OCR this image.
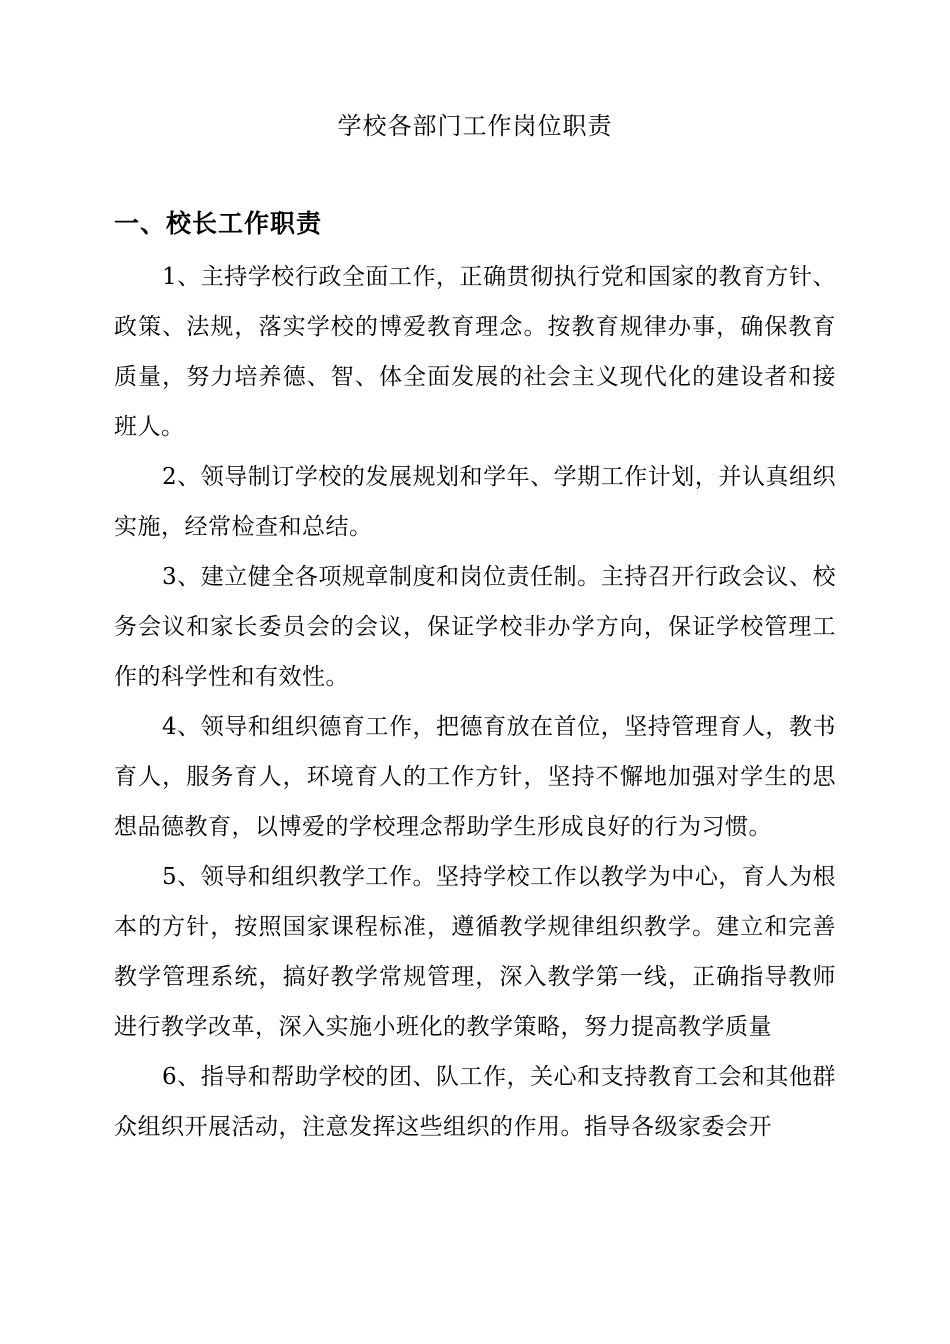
学校各部门工作岗位职责
一、校长工作职责

1、主持学校行政全面工作，正确贯彻执行党和国家的教育方针、政策、法规，落实学校的博爱教育理念。按教育规律办事，确保教育质量，努力培养德、智、体全面发展的社会主义现代化的建设者和接班人。

2、领导制订学校的发展规划和学年、学期工作计划，并认真组织实施，经常检查和总结。

3、建立健全各项规章制度和岗位责任制。主持召开行政会议、校务会议和家长委员会的会议，保证学校非办学方向，保证学校管理工作的科学性和有效性。

4、领导和组织德育工作，把德育放在首位，坚持管理育人，教书育人，服务育人，环境育人的工作方针，坚持不懈地加强对学生的思想品德教育，以博爱的学校理念帮助学生形成良好的行为习惯。

5、领导和组织教学工作。坚持学校工作以教学为中心，育人为根本的方针，按照国家课程标准，遵循教学规律组织教学。建立和完善教学管理系统，搞好教学常规管理，深入教学第一线，正确指导教师进行教学改革，深入实施小班化的教学策略，努力提高教学质量

6、指导和帮助学校的团、队工作，关心和支持教育工会和其他群众组织开展活动，注意发挥这些组织的作用。指导各级家委会开
